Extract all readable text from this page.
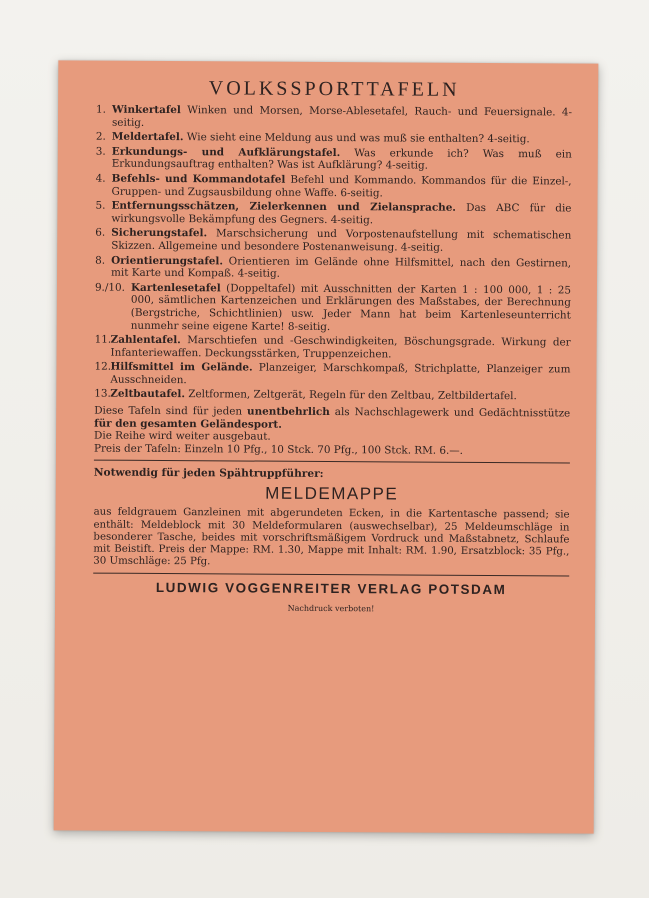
VOLKSSPORTTAFELN
1. Winkertafel Winken und Morsen, Morse-Ablesetafel, Rauch- und Feuersignale. 4-seitig.
2. Meldertafel. Wie sieht eine Meldung aus und was muß sie enthalten? 4-seitig.
3. Erkundungs- und Aufklärungstafel. Was erkunde ich? Was muß ein Erkundungsauftrag enthalten? Was ist Aufklärung? 4-seitig.
4. Befehls- und Kommandotafel Befehl und Kommando. Kommandos für die Einzel-, Gruppen- und Zugsausbildung ohne Waffe. 6-seitig.
5. Entfernungsschätzen, Zielerkennen und Zielansprache. Das ABC für die wirkungsvolle Bekämpfung des Gegners. 4-seitig.
6. Sicherungstafel. Marschsicherung und Vorpostenaufstellung mit schematischen Skizzen. Allgemeine und besondere Postenanweisung. 4-seitig.
8. Orientierungstafel. Orientieren im Gelände ohne Hilfsmittel, nach den Gestirnen, mit Karte und Kompaß. 4-seitig.
9./10. Kartenlesetafel (Doppeltafel) mit Ausschnitten der Karten 1 : 100 000, 1 : 25 000, sämtlichen Kartenzeichen und Erklärungen des Maßstabes, der Berechnung (Bergstriche, Schichtlinien) usw. Jeder Mann hat beim Kartenleseunterricht nunmehr seine eigene Karte! 8-seitig.
11. Zahlentafel. Marschtiefen und -Geschwindigkeiten, Böschungsgrade. Wirkung der Infanteriewaffen. Deckungsstärken, Truppenzeichen.
12. Hilfsmittel im Gelände. Planzeiger, Marschkompaß, Strichplatte, Planzeiger zum Ausschneiden.
13. Zeltbautafel. Zeltformen, Zeltgerät, Regeln für den Zeltbau, Zeltbildertafel.
Diese Tafeln sind für jeden unentbehrlich als Nachschlagewerk und Gedächtnisstütze für den gesamten Geländesport.
Die Reihe wird weiter ausgebaut.
Preis der Tafeln: Einzeln 10 Pfg., 10 Stck. 70 Pfg., 100 Stck. RM. 6.—.
Notwendig für jeden Spähtruppführer:
MELDEMAPPE
aus feldgrauem Ganzleinen mit abgerundeten Ecken, in die Kartentasche passend; sie enthält: Meldeblock mit 30 Meldeformularen (auswechselbar), 25 Meldeumschläge in besonderer Tasche, beides mit vorschriftsmäßigem Vordruck und Maßstabnetz, Schlaufe mit Beistift. Preis der Mappe: RM. 1.30, Mappe mit Inhalt: RM. 1.90, Ersatzblock: 35 Pfg., 30 Umschläge: 25 Pfg.
LUDWIG VOGGENREITER VERLAG POTSDAM
Nachdruck verboten!
